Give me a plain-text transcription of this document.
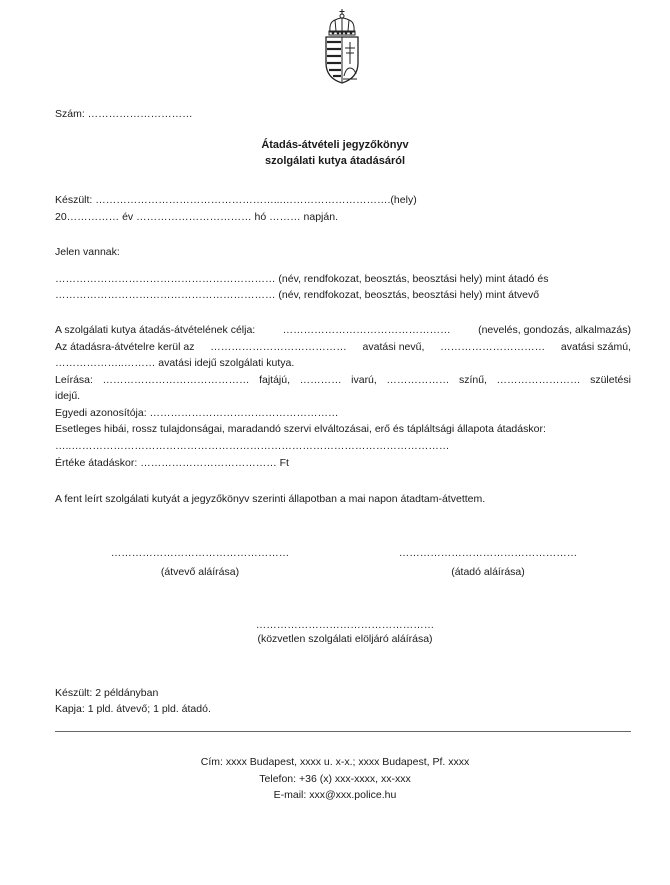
Szám: …………………………
Átadás-átvételi jegyzőkönyv
szolgálati kutya átadásáról
Készült: ……………………………………………...………………………….(hely)
20…………… év …………………………… hó ……… napján.
Jelen vannak:
……………………………………………………… (név, rendfokozat, beosztás, beosztási hely) mint átadó és
……………………………………………………… (név, rendfokozat, beosztás, beosztási hely) mint átvevő
A szolgálati kutya átadás-átvételének célja:	…………………………………………	(nevelés, gondozás, alkalmazás)
Az átadásra-átvételre kerül az ………………………………… avatási nevű, ………………………… avatási számú,
………………..……… avatási idejű szolgálati kutya.
Leírása: …………………………………… fajtájú, ………… ivarú, ……………… színű, …………………… születési
idejű.
Egyedi azonosítója: ………………………………………………
Esetleges hibái, rossz tulajdonságai, maradandó szervi elváltozásai, erő és tápláltsági állapota átadáskor:
…..………………………………………………………………………………………………
Értéke átadáskor: ………………………………… Ft
A fent leírt szolgálati kutyát a jegyzőkönyv szerinti állapotban a mai napon átadtam-átvettem.
……………………………………………
(átvevő aláírása)
……………………………………………
(átadó aláírása)
……………………………………………
(közvetlen szolgálati elöljáró aláírása)
Készült: 2 példányban
Kapja: 1 pld. átvevő; 1 pld. átadó.
Cím: xxxx Budapest, xxxx u. x-x.; xxxx Budapest, Pf. xxxx
Telefon: +36 (x) xxx-xxxx, xx-xxx
E-mail: xxx@xxx.police.hu
